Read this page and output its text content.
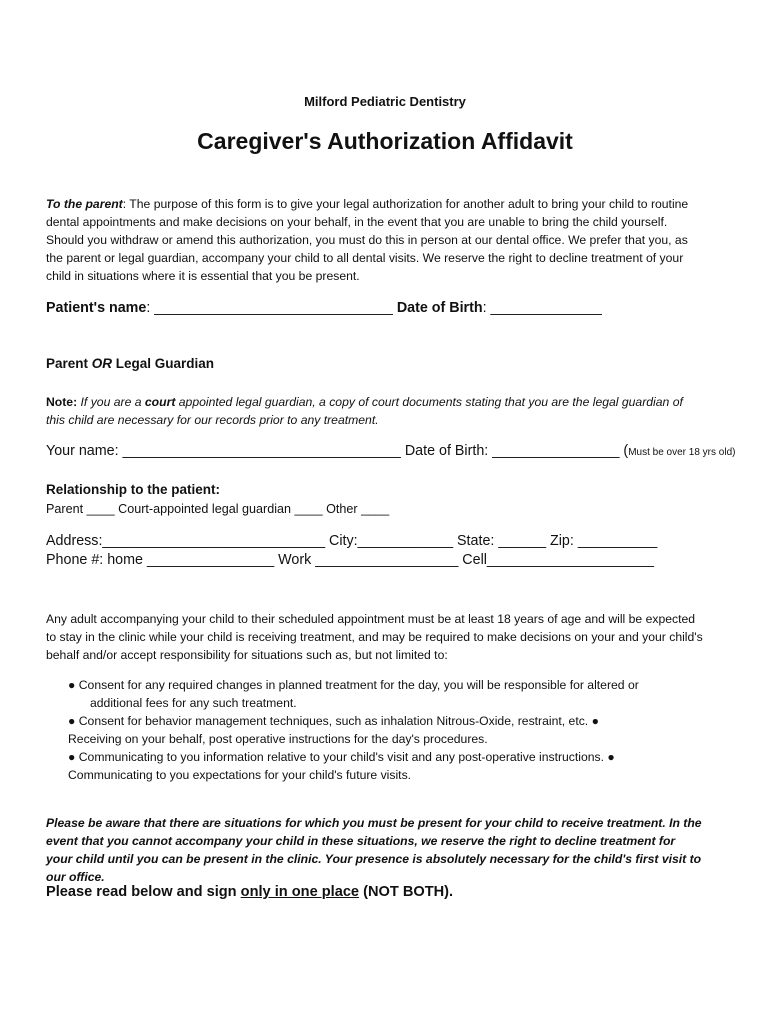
Milford Pediatric Dentistry
Caregiver's Authorization Affidavit
To the parent: The purpose of this form is to give your legal authorization for another adult to bring your child to routine
dental appointments and make decisions on your behalf, in the event that you are unable to bring the child yourself.
Should you withdraw or amend this authorization, you must do this in person at our dental office. We prefer that you, as
the parent or legal guardian, accompany your child to all dental visits. We reserve the right to decline treatment of your
child in situations where it is essential that you be present.
Patient's name: ______________________________ Date of Birth: ______________
Parent OR Legal Guardian
Note: If you are a court appointed legal guardian, a copy of court documents stating that you are the legal guardian of
this child are necessary for our records prior to any treatment.
Your name: ___________________________________ Date of Birth: ________________ (Must be over 18 yrs old)
Relationship to the patient:
Parent ____ Court-appointed legal guardian ____ Other ____
Address:____________________________ City:____________ State: ______ Zip: __________
Phone #: home ________________ Work __________________ Cell_____________________
Any adult accompanying your child to their scheduled appointment must be at least 18 years of age and will be expected
to stay in the clinic while your child is receiving treatment, and may be required to make decisions on your and your child's
behalf and/or accept responsibility for situations such as, but not limited to:
● Consent for any required changes in planned treatment for the day, you will be responsible for altered or
additional fees for any such treatment.
● Consent for behavior management techniques, such as inhalation Nitrous-Oxide, restraint, etc. ●
Receiving on your behalf, post operative instructions for the day's procedures.
● Communicating to you information relative to your child's visit and any post-operative instructions. ●
Communicating to you expectations for your child's future visits.
Please be aware that there are situations for which you must be present for your child to receive treatment. In the
event that you cannot accompany your child in these situations, we reserve the right to decline treatment for
your child until you can be present in the clinic. Your presence is absolutely necessary for the child's first visit to
our office.
Please read below and sign only in one place (NOT BOTH).
